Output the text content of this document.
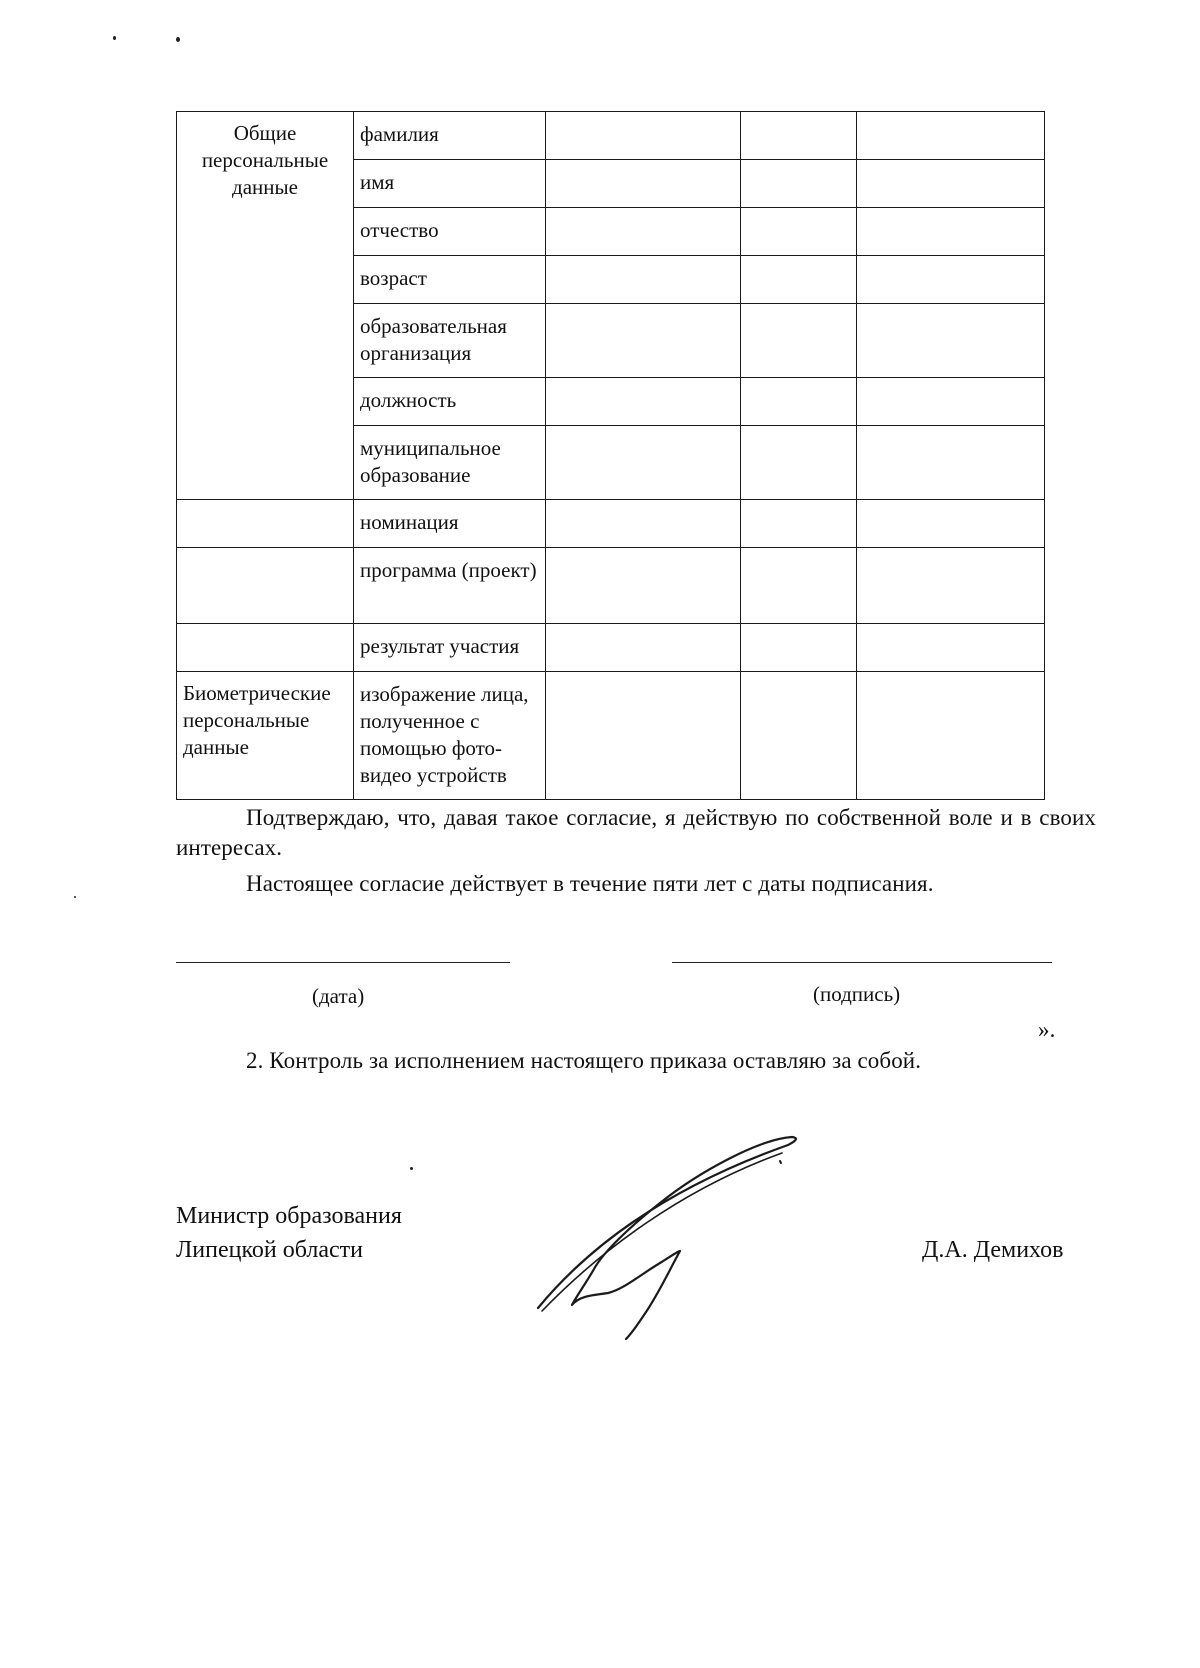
Общие персональные данные	фамилия			
	имя			
	отчество			
	возраст			
	образовательная организация			
	должность			
	муниципальное образование			
	номинация			
	программа (проект)			
	результат участия			
Биометрические персональные данные	изображение лица, полученное с помощью фото-видео устройств			
Подтверждаю, что, давая такое согласие, я действую по собственной воле и в своих интересах.
Настоящее согласие действует в течение пяти лет с даты подписания.
(дата)	(подпись)
».
2. Контроль за исполнением настоящего приказа оставляю за собой.
Министр образования
Липецкой области	Д.А. Демихов
